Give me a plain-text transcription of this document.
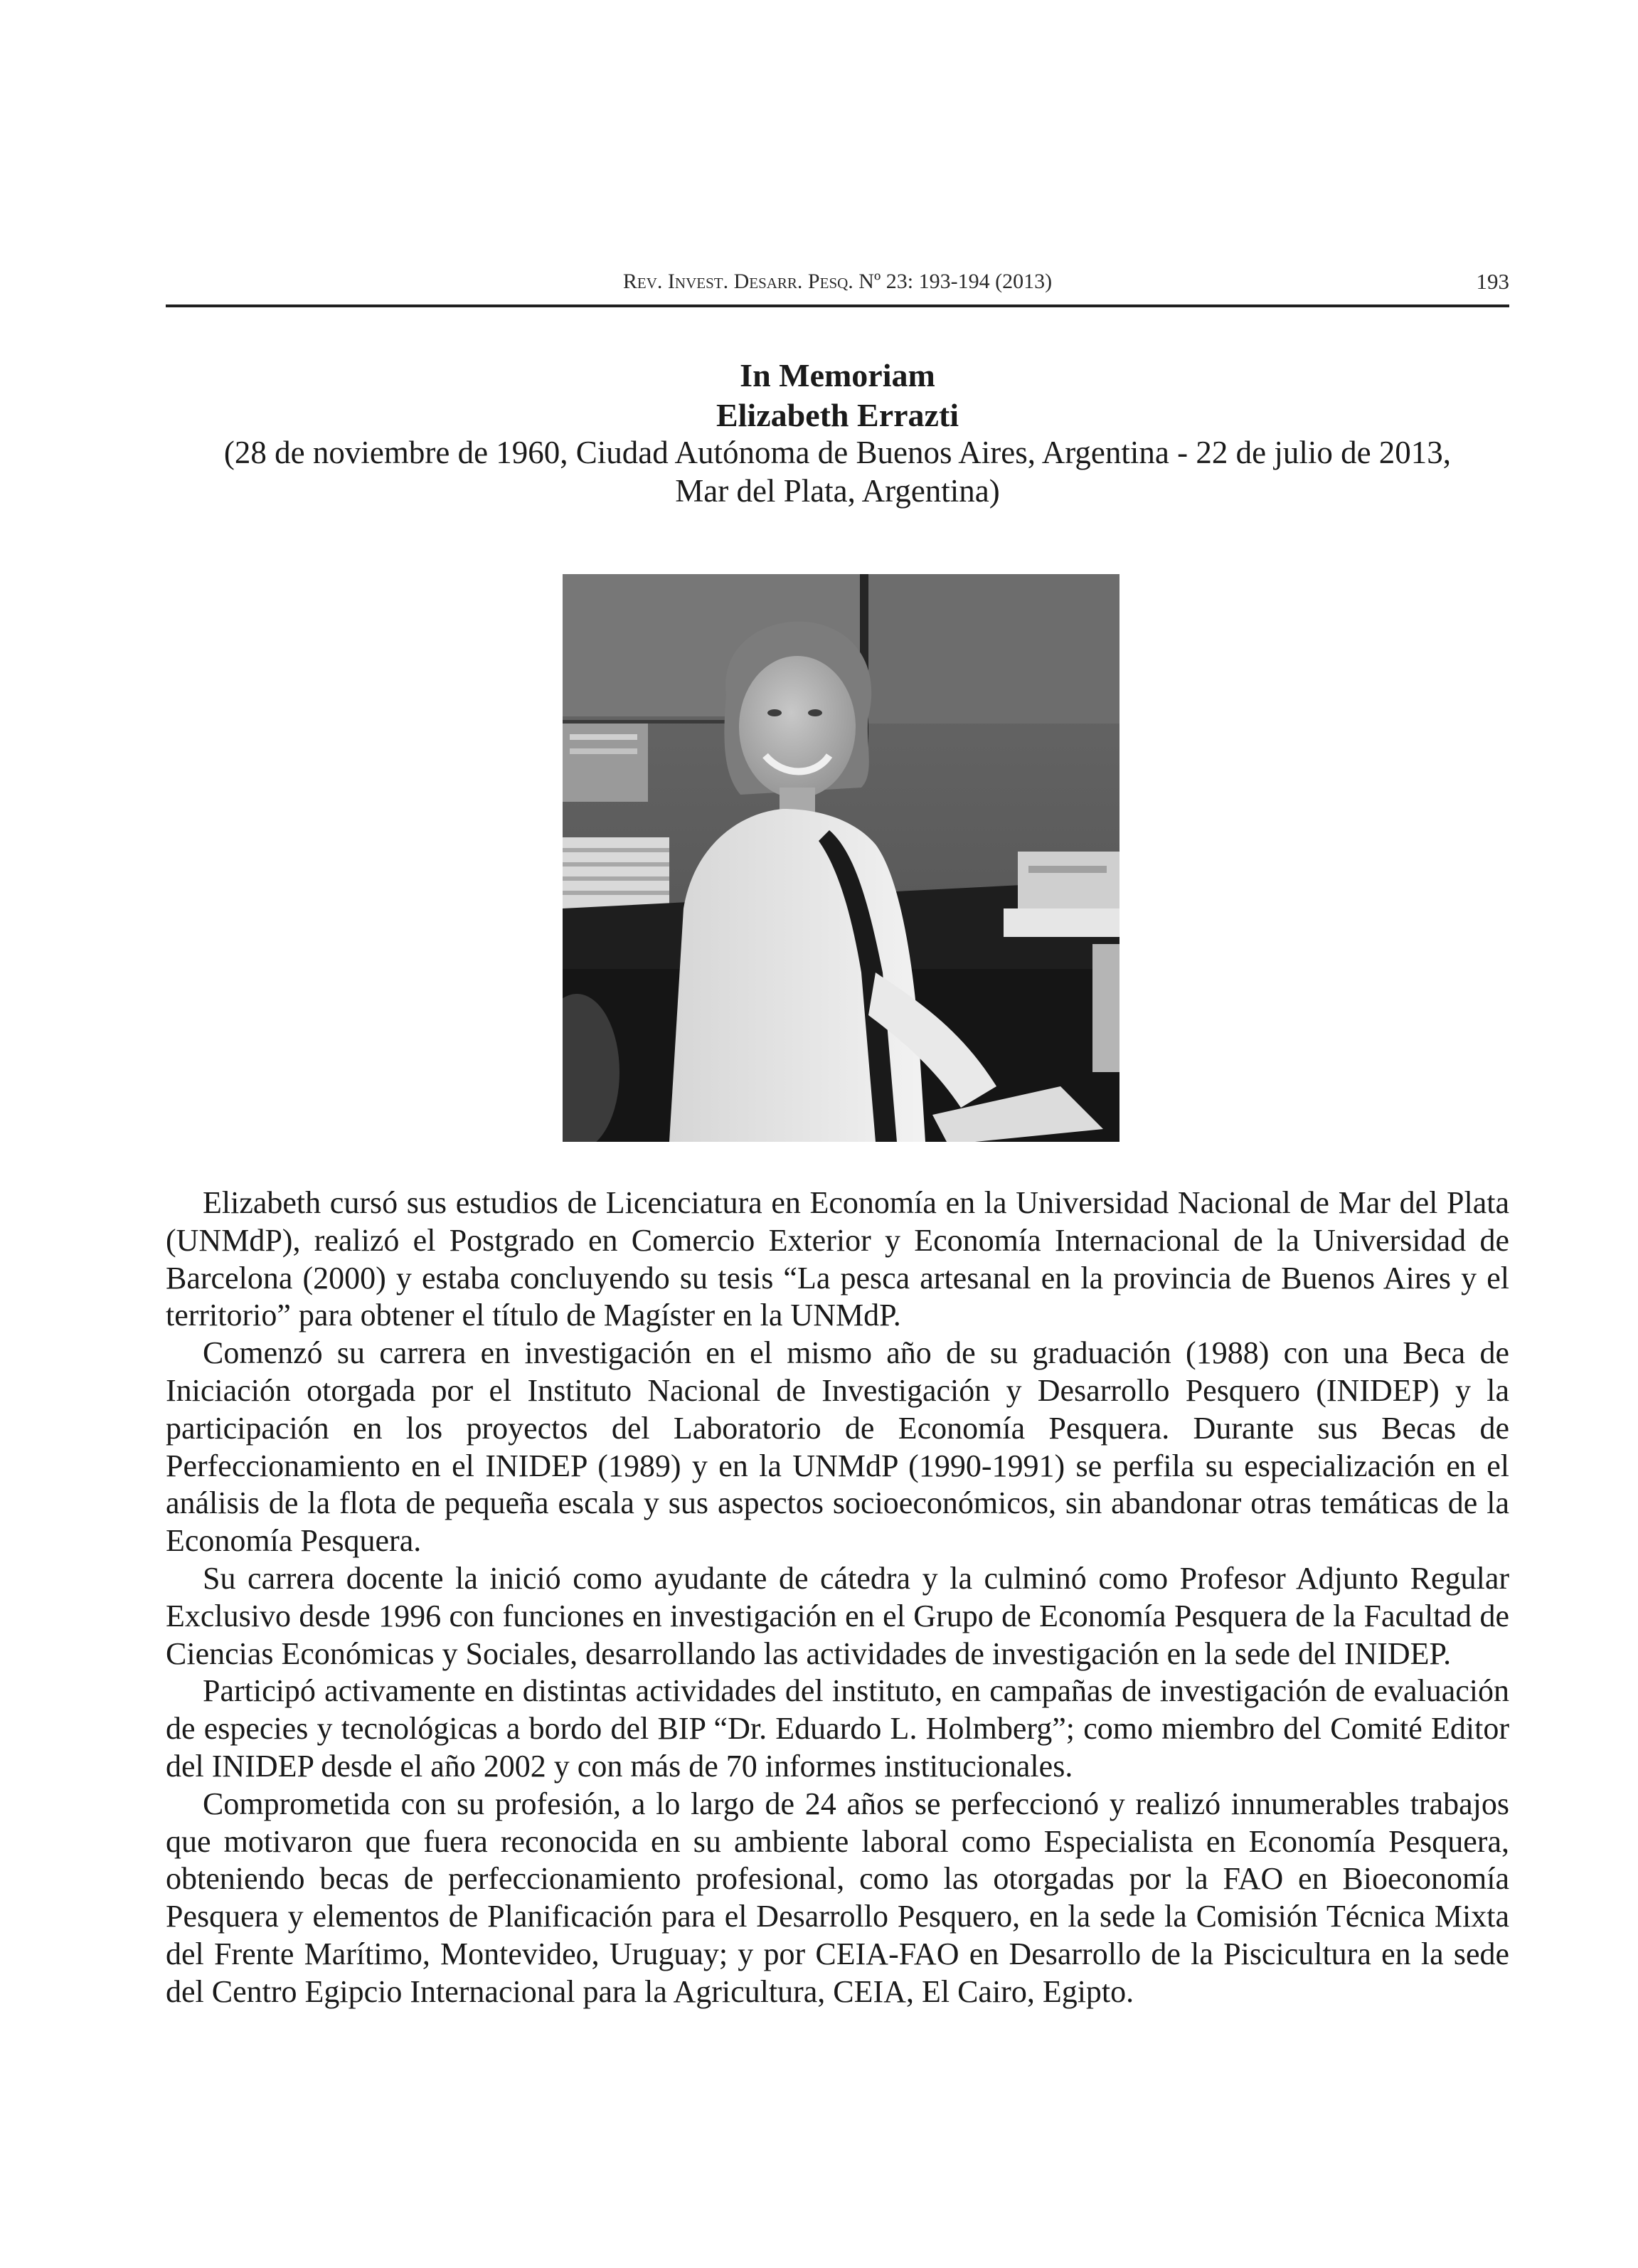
Rev. Invest. Desarr. Pesq. Nº 23: 193-194 (2013)	193
In Memoriam
Elizabeth Errazti
(28 de noviembre de 1960, Ciudad Autónoma de Buenos Aires, Argentina - 22 de julio de 2013,
Mar del Plata, Argentina)

Elizabeth cursó sus estudios de Licenciatura en Economía en la Universidad Nacional de Mar del Plata (UNMdP), realizó el Postgrado en Comercio Exterior y Economía Internacional de la Universidad de Barcelona (2000) y estaba concluyendo su tesis “La pesca artesanal en la provincia de Buenos Aires y el territorio” para obtener el título de Magíster en la UNMdP.

Comenzó su carrera en investigación en el mismo año de su graduación (1988) con una Beca de Iniciación otorgada por el Instituto Nacional de Investigación y Desarrollo Pesquero (INIDEP) y la participación en los proyectos del Laboratorio de Economía Pesquera. Durante sus Becas de Perfeccionamiento en el INIDEP (1989) y en la UNMdP (1990-1991) se perfila su especialización en el análisis de la flota de pequeña escala y sus aspectos socioeconómicos, sin abandonar otras temáticas de la Economía Pesquera.

Su carrera docente la inició como ayudante de cátedra y la culminó como Profesor Adjunto Regular Exclusivo desde 1996 con funciones en investigación en el Grupo de Economía Pesquera de la Facultad de Ciencias Económicas y Sociales, desarrollando las actividades de investigación en la sede del INIDEP.

Participó activamente en distintas actividades del instituto, en campañas de investigación de evaluación de especies y tecnológicas a bordo del BIP “Dr. Eduardo L. Holmberg”; como miembro del Comité Editor del INIDEP desde el año 2002 y con más de 70 informes institucionales.

Comprometida con su profesión, a lo largo de 24 años se perfeccionó y realizó innumerables trabajos que motivaron que fuera reconocida en su ambiente laboral como Especialista en Economía Pesquera, obteniendo becas de perfeccionamiento profesional, como las otorgadas por la FAO en Bioeconomía Pesquera y elementos de Planificación para el Desarrollo Pesquero, en la sede la Comisión Técnica Mixta del Frente Marítimo, Montevideo, Uruguay; y por CEIA-FAO en Desarrollo de la Piscicultura en la sede del Centro Egipcio Internacional para la Agricultura, CEIA, El Cairo, Egipto.
